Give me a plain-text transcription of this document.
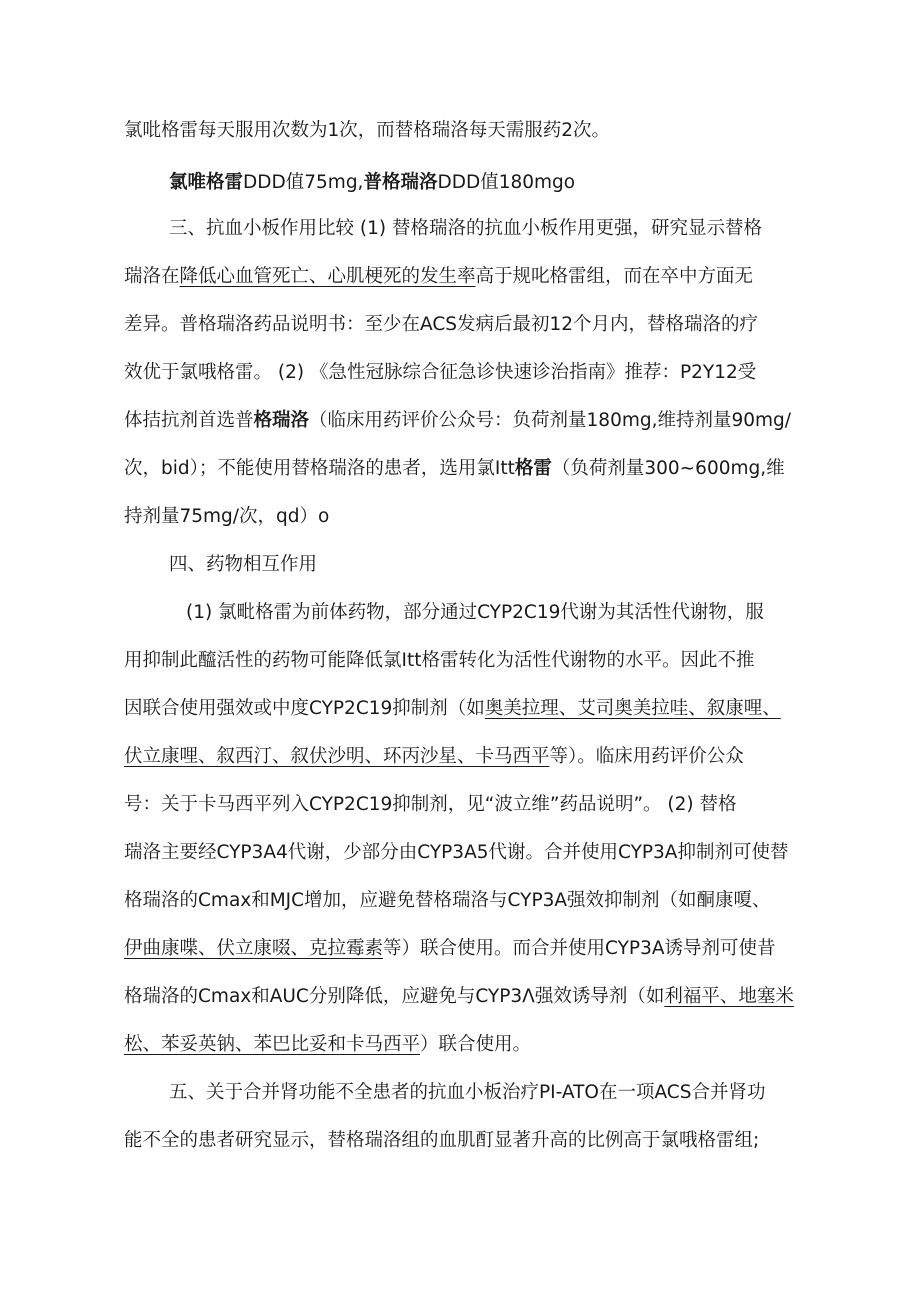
氯吡格雷每天服用次数为1次，而替格瑞洛每天需服药2次。
氯唯格雷DDD值75mg,普格瑞洛DDD值180mgo
三、抗血小板作用比较 (1) 替格瑞洛的抗血小板作用更强，研究显示替格
瑞洛在降低心血管死亡、心肌梗死的发生率高于规叱格雷组，而在卒中方面无
差异。普格瑞洛药品说明书：至少在ACS发病后最初12个月内，替格瑞洛的疗
效优于氯哦格雷。 (2) 《急性冠脉综合征急诊快速诊治指南》推荐：P2Y12受
体拮抗剂首选普格瑞洛（临床用药评价公众号：负荷剂量180mg,维持剂量90mg∕
次，bid）；不能使用替格瑞洛的患者，选用氯Itt格雷（负荷剂量300~600mg,维
持剂量75mg∕次，qd）o
四、药物相互作用
(1) 氯毗格雷为前体药物，部分通过CYP2C19代谢为其活性代谢物，服
用抑制此醯活性的药物可能降低氯Itt格雷转化为活性代谢物的水平。因此不推
因联合使用强效或中度CYP2C19抑制剂（如奥美拉理、艾司奥美拉哇、叙康哩、
伏立康哩、叙西汀、叙伏沙明、环丙沙星、卡马西平等）。临床用药评价公众
号：关于卡马西平列入CYP2C19抑制剂，见“波立维”药品说明”。 (2) 替格
瑞洛主要经CYP3A4代谢，少部分由CYP3A5代谢。合并使用CYP3A抑制剂可使替
格瑞洛的Cmax和MJC增加，应避免替格瑞洛与CYP3A强效抑制剂（如酮康嗄、
伊曲康喋、伏立康啜、克拉霉素等）联合使用。而合并使用CYP3A诱导剂可使昔
格瑞洛的Cmax和AUC分别降低，应避免与CYP3Λ强效诱导剂（如利福平、地塞米
松、苯妥英钠、苯巴比妥和卡马西平）联合使用。
五、关于合并肾功能不全患者的抗血小板治疗PI-ATO在一项ACS合并肾功
能不全的患者研究显示，替格瑞洛组的血肌酊显著升高的比例高于氯哦格雷组;
